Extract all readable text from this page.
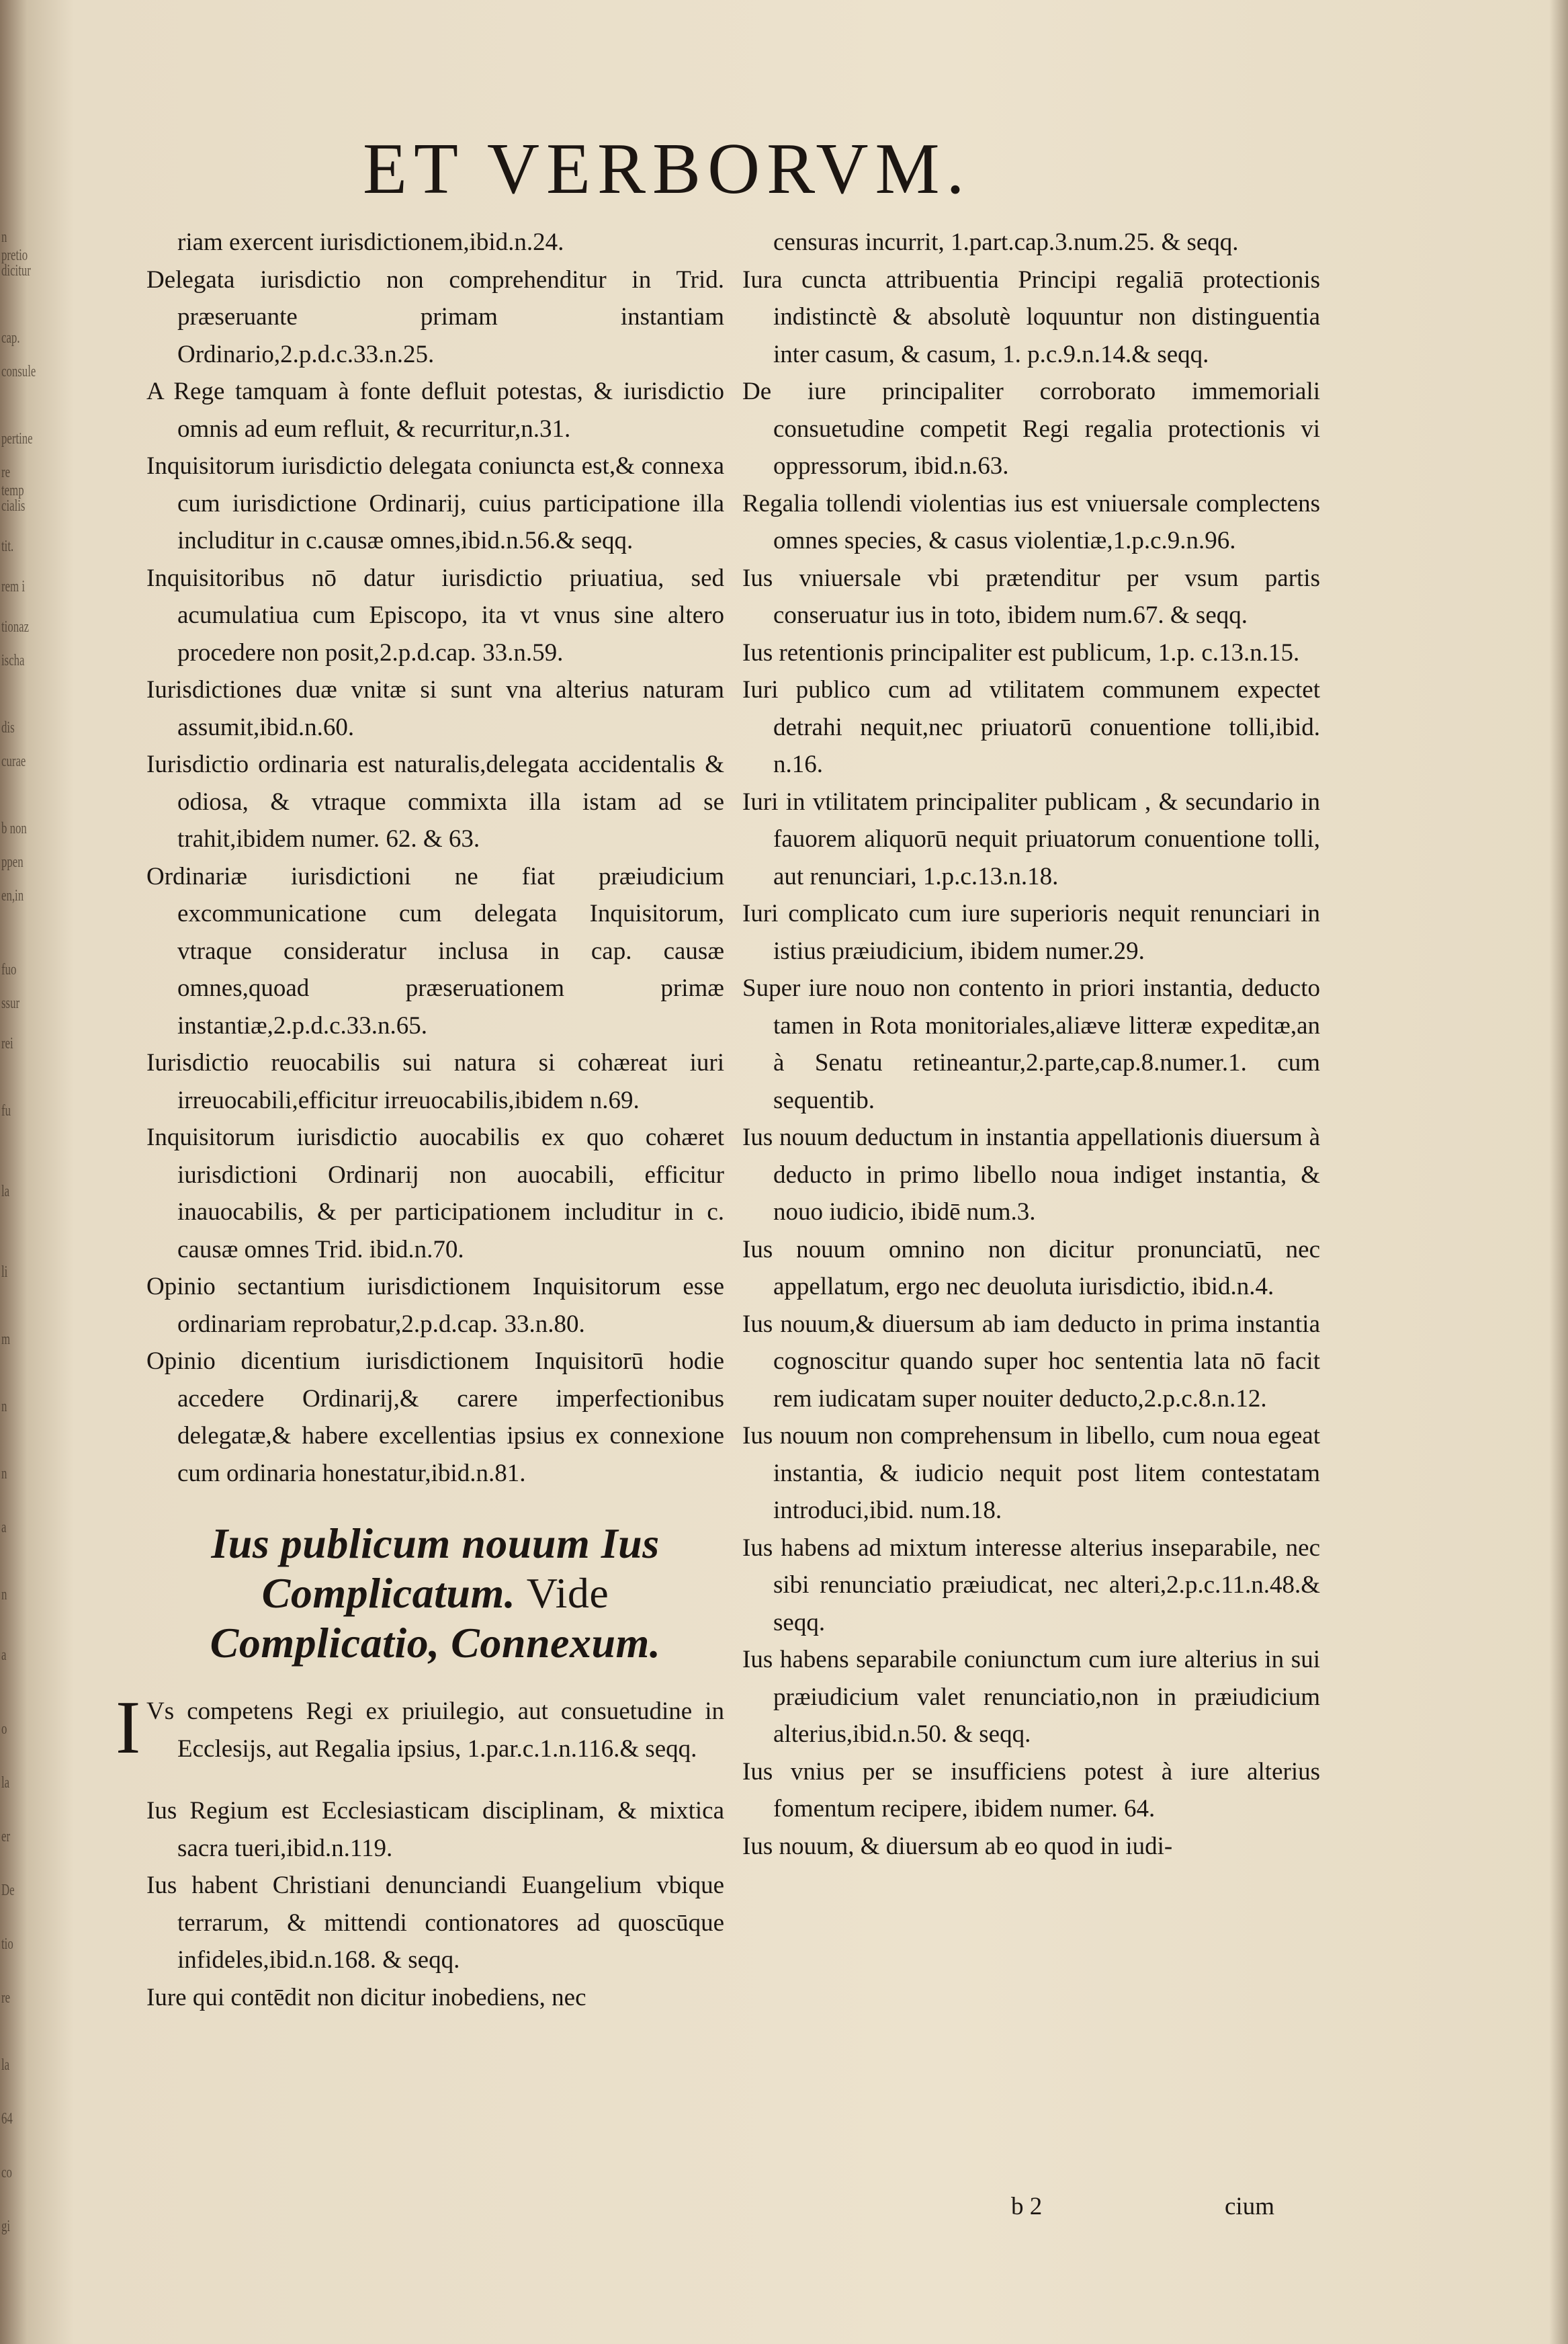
n pretio
dicitur
cap.
consule
pertine
re temp
cialis
tit.
rem i
tionaz
ischa
dis
curae
b non
ppen
en,in
fuo
ssur
rei
fu
la
li
m
n
n
a
n
a
o
la
er
De
tio
re
la
64
co
gi
ET VERBORVM.

riam exercent iurisdictionem,ibid.n.24.

Delegata iurisdictio non comprehenditur in Trid. præseruante primam instantiam Ordinario,2.p.d.c.33.n.25.

A Rege tamquam à fonte defluit potestas, & iurisdictio omnis ad eum refluit, & recurritur,n.31.

Inquisitorum iurisdictio delegata coniuncta est,& connexa cum iurisdictione Ordinarij, cuius participatione illa includitur in c.causæ omnes,ibid.n.56.& seqq.

Inquisitoribus nō datur iurisdictio priuatiua, sed acumulatiua cum Episcopo, ita vt vnus sine altero procedere non posit,2.p.d.cap. 33.n.59.

Iurisdictiones duæ vnitæ si sunt vna alterius naturam assumit,ibid.n.60.

Iurisdictio ordinaria est naturalis,delegata accidentalis & odiosa, & vtraque commixta illa istam ad se trahit,ibidem numer. 62. & 63.

Ordinariæ iurisdictioni ne fiat præiudicium excommunicatione cum delegata Inquisitorum, vtraque consideratur inclusa in cap. causæ omnes,quoad præseruationem primæ instantiæ,2.p.d.c.33.n.65.

Iurisdictio reuocabilis sui natura si cohæreat iuri irreuocabili,efficitur irreuocabilis,ibidem n.69.

Inquisitorum iurisdictio auocabilis ex quo cohæret iurisdictioni Ordinarij non auocabili, efficitur inauocabilis, & per participationem includitur in c. causæ omnes Trid. ibid.n.70.

Opinio sectantium iurisdictionem Inquisitorum esse ordinariam reprobatur,2.p.d.cap. 33.n.80.

Opinio dicentium iurisdictionem Inquisitorū hodie accedere Ordinarij,& carere imperfectionibus delegatæ,& habere excellentias ipsius ex connexione cum ordinaria honestatur,ibid.n.81.

Ius publicum nouum Ius Complicatum. Vide Complicatio, Connexum.

I Vs competens Regi ex priuilegio, aut consuetudine in Ecclesijs, aut Regalia ipsius, 1.par.c.1.n.116.& seqq.

Ius Regium est Ecclesiasticam disciplinam, & mixtica sacra tueri,ibid.n.119.

Ius habent Christiani denunciandi Euangelium vbique terrarum, & mittendi contionatores ad quoscūque infideles,ibid.n.168. & seqq.

Iure qui contēdit non dicitur inobediens, nec

censuras incurrit, 1.part.cap.3.num.25. & seqq.

Iura cuncta attribuentia Principi regaliā protectionis indistinctè & absolutè loquuntur non distinguentia inter casum, & casum, 1. p.c.9.n.14.& seqq.

De iure principaliter corroborato immemoriali consuetudine competit Regi regalia protectionis vi oppressorum, ibid.n.63.

Regalia tollendi violentias ius est vniuersale complectens omnes species, & casus violentiæ,1.p.c.9.n.96.

Ius vniuersale vbi prætenditur per vsum partis conseruatur ius in toto, ibidem num.67. & seqq.

Ius retentionis principaliter est publicum, 1.p. c.13.n.15.

Iuri publico cum ad vtilitatem communem expectet detrahi nequit,nec priuatorū conuentione tolli,ibid. n.16.

Iuri in vtilitatem principaliter publicam , & secundario in fauorem aliquorū nequit priuatorum conuentione tolli, aut renunciari, 1.p.c.13.n.18.

Iuri complicato cum iure superioris nequit renunciari in istius præiudicium, ibidem numer.29.

Super iure nouo non contento in priori instantia, deducto tamen in Rota monitoriales,aliæve litteræ expeditæ,an à Senatu retineantur,2.parte,cap.8.numer.1. cum sequentib.

Ius nouum deductum in instantia appellationis diuersum à deducto in primo libello noua indiget instantia, & nouo iudicio, ibidē num.3.

Ius nouum omnino non dicitur pronunciatū, nec appellatum, ergo nec deuoluta iurisdictio, ibid.n.4.

Ius nouum,& diuersum ab iam deducto in prima instantia cognoscitur quando super hoc sententia lata nō facit rem iudicatam super nouiter deducto,2.p.c.8.n.12.

Ius nouum non comprehensum in libello, cum noua egeat instantia, & iudicio nequit post litem contestatam introduci,ibid. num.18.

Ius habens ad mixtum interesse alterius inseparabile, nec sibi renunciatio præiudicat, nec alteri,2.p.c.11.n.48.& seqq.

Ius habens separabile coniunctum cum iure alterius in sui præiudicium valet renunciatio,non in præiudicium alterius,ibid.n.50. & seqq.

Ius vnius per se insufficiens potest à iure alterius fomentum recipere, ibidem numer. 64.

Ius nouum, & diuersum ab eo quod in iudi-

b 2	cium
